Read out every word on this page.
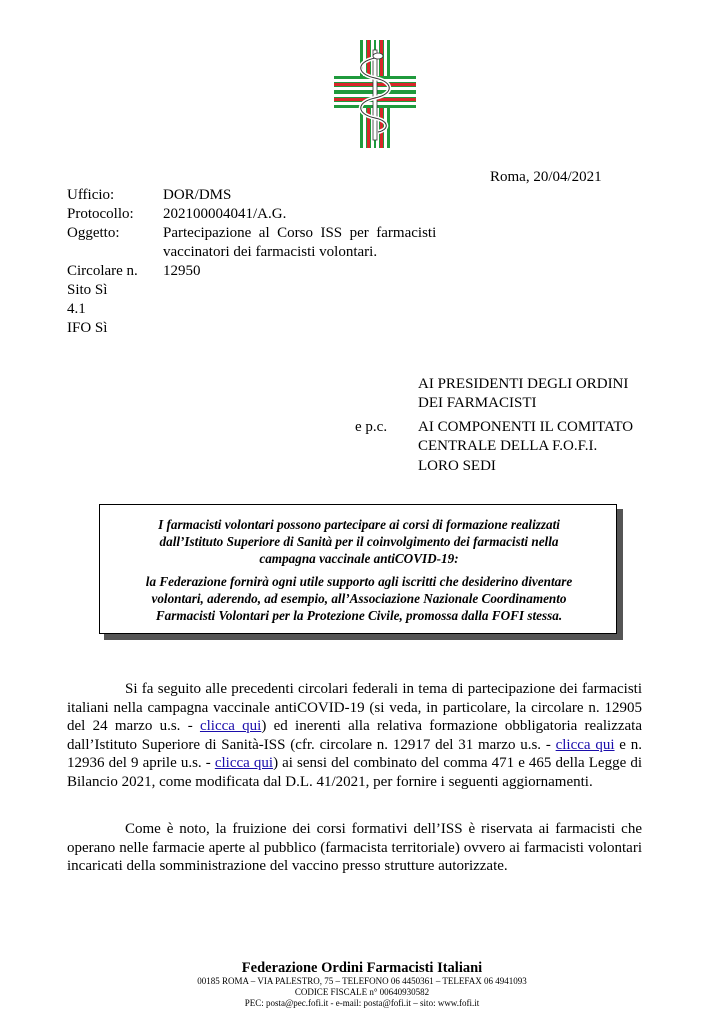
Roma, 20/04/2021
Ufficio:	DOR/DMS
Protocollo: 202100004041/A.G.
Oggetto:	Partecipazione  al  Corso  ISS  per  farmacisti
vaccinatori dei farmacisti volontari.
Circolare n. 12950
Sito Sì
4.1
IFO Sì
AI PRESIDENTI DEGLI ORDINI
DEI FARMACISTI
e p.c. AI COMPONENTI IL COMITATO
CENTRALE DELLA F.O.F.I.
LORO SEDI
I farmacisti volontari possono partecipare ai corsi di formazione realizzati
dall’Istituto Superiore di Sanità per il coinvolgimento dei farmacisti nella
campagna vaccinale antiCOVID-19:
la Federazione fornirà ogni utile supporto agli iscritti che desiderino diventare
volontari, aderendo, ad esempio, all’Associazione Nazionale Coordinamento
Farmacisti Volontari per la Protezione Civile, promossa dalla FOFI stessa.
Si fa seguito alle precedenti circolari federali in tema di partecipazione dei farmacisti italiani nella campagna vaccinale antiCOVID-19 (si veda, in particolare, la circolare n. 12905 del 24 marzo u.s. - clicca qui) ed inerenti alla relativa formazione obbligatoria realizzata dall’Istituto Superiore di Sanità-ISS (cfr. circolare n. 12917 del 31 marzo u.s. - clicca qui e n. 12936 del 9 aprile u.s. - clicca qui) ai sensi del combinato del comma 471 e 465 della Legge di Bilancio 2021, come modificata dal D.L. 41/2021, per fornire i seguenti aggiornamenti.
Come è noto, la fruizione dei corsi formativi dell’ISS è riservata ai farmacisti che operano nelle farmacie aperte al pubblico (farmacista territoriale) ovvero ai farmacisti volontari incaricati della somministrazione del vaccino presso strutture autorizzate.
Federazione Ordini Farmacisti Italiani
00185 ROMA – VIA PALESTRO, 75 – TELEFONO 06 4450361 – TELEFAX 06 4941093
CODICE FISCALE n° 00640930582
PEC: posta@pec.fofi.it - e-mail: posta@fofi.it – sito: www.fofi.it
